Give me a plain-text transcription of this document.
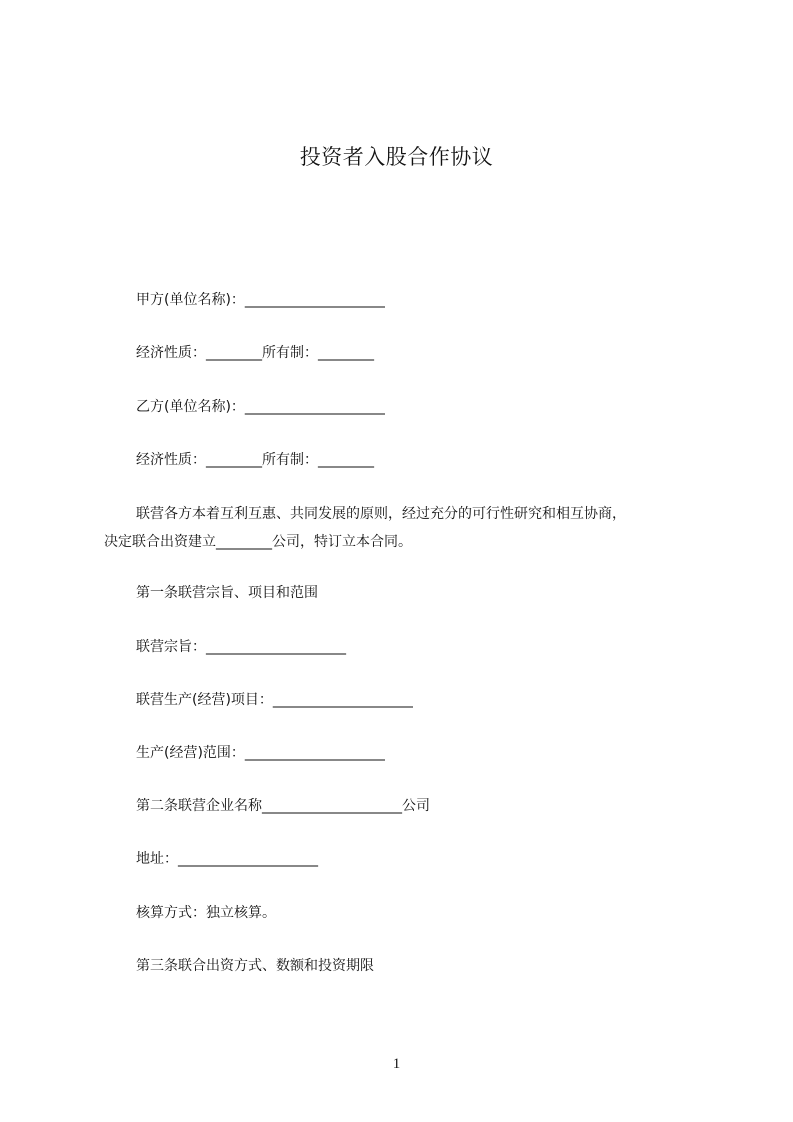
投资者入股合作协议
甲方(单位名称)：____________________
经济性质：________所有制：________
乙方(单位名称)：____________________
经济性质：________所有制：________
联营各方本着互利互惠、共同发展的原则，经过充分的可行性研究和相互协商，
决定联合出资建立________公司，特订立本合同。
第一条联营宗旨、项目和范围
联营宗旨：____________________
联营生产(经营)项目：____________________
生产(经营)范围：____________________
第二条联营企业名称____________________公司
地址：____________________
核算方式：独立核算。
第三条联合出资方式、数额和投资期限
1
